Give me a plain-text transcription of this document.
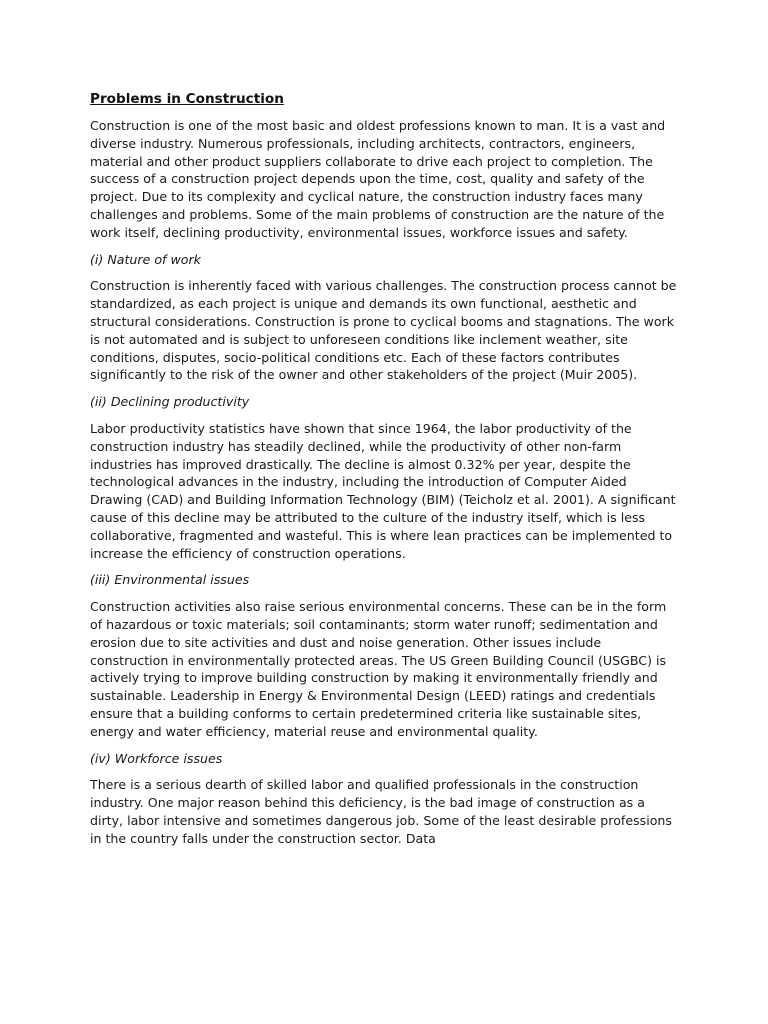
Problems in Construction

Construction is one of the most basic and oldest professions known to man. It is a vast and diverse industry. Numerous professionals, including architects, contractors, engineers, material and other product suppliers collaborate to drive each project to completion. The success of a construction project depends upon the time, cost, quality and safety of the project. Due to its complexity and cyclical nature, the construction industry faces many challenges and problems. Some of the main problems of construction are the nature of the work itself, declining productivity, environmental issues, workforce issues and safety.

(i) Nature of work

Construction is inherently faced with various challenges. The construction process cannot be standardized, as each project is unique and demands its own functional, aesthetic and structural considerations. Construction is prone to cyclical booms and stagnations. The work is not automated and is subject to unforeseen conditions like inclement weather, site conditions, disputes, socio-political conditions etc. Each of these factors contributes significantly to the risk of the owner and other stakeholders of the project (Muir 2005).

(ii) Declining productivity

Labor productivity statistics have shown that since 1964, the labor productivity of the construction industry has steadily declined, while the productivity of other non-farm industries has improved drastically. The decline is almost 0.32% per year, despite the technological advances in the industry, including the introduction of Computer Aided Drawing (CAD) and Building Information Technology (BIM) (Teicholz et al. 2001). A significant cause of this decline may be attributed to the culture of the industry itself, which is less collaborative, fragmented and wasteful. This is where lean practices can be implemented to increase the efficiency of construction operations.

(iii) Environmental issues

Construction activities also raise serious environmental concerns. These can be in the form of hazardous or toxic materials; soil contaminants; storm water runoff; sedimentation and erosion due to site activities and dust and noise generation. Other issues include construction in environmentally protected areas. The US Green Building Council (USGBC) is actively trying to improve building construction by making it environmentally friendly and sustainable. Leadership in Energy & Environmental Design (LEED) ratings and credentials ensure that a building conforms to certain predetermined criteria like sustainable sites, energy and water efficiency, material reuse and environmental quality.

(iv) Workforce issues

There is a serious dearth of skilled labor and qualified professionals in the construction industry. One major reason behind this deficiency, is the bad image of construction as a dirty, labor intensive and sometimes dangerous job. Some of the least desirable professions in the country falls under the construction sector. Data
